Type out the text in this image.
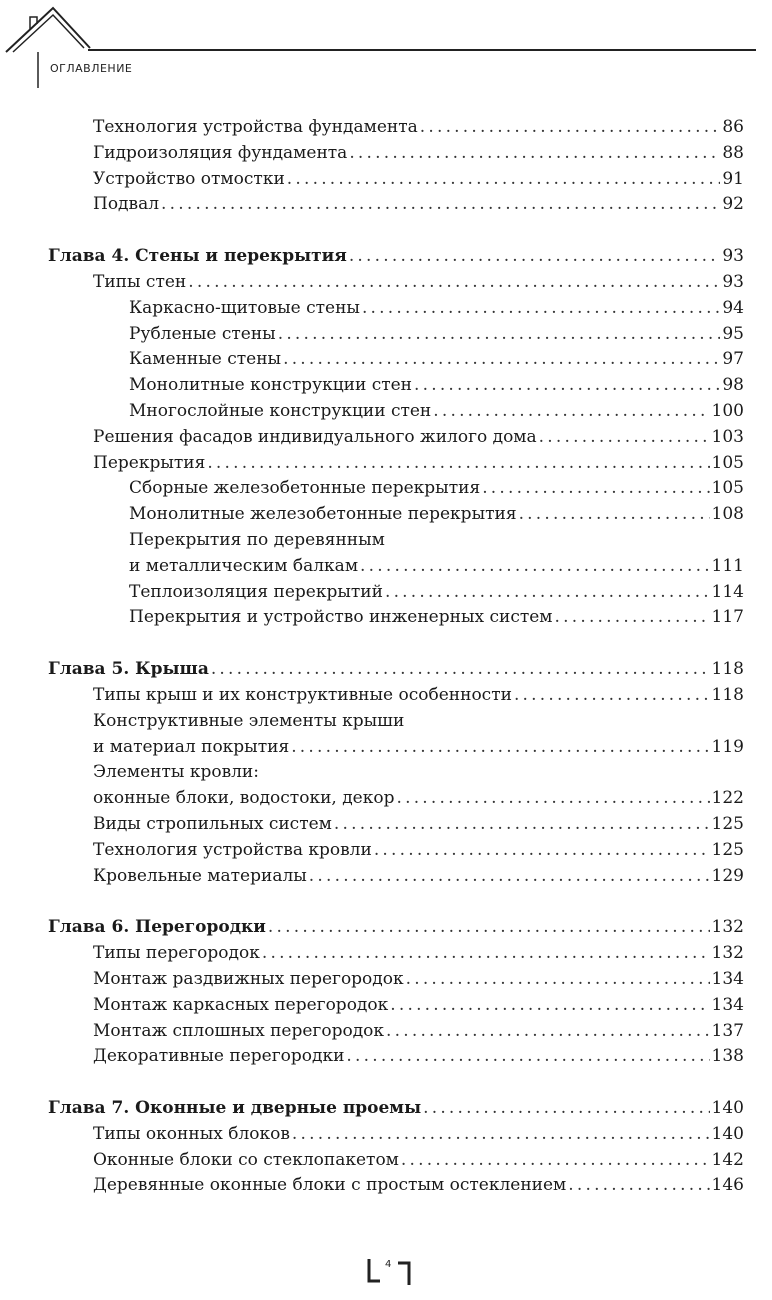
ОГЛАВЛЕНИЕ
Технология устройства фундамента .....	86
Гидроизоляция фундамента .....	88
Устройство отмостки .....	91
Подвал .....	92
Глава 4. Стены и перекрытия .....	93
Типы стен .....	93
Каркасно-щитовые стены .....	94
Рубленые стены .....	95
Каменные стены .....	97
Монолитные конструкции стен .....	98
Многослойные конструкции стен .....	100
Решения фасадов индивидуального жилого дома .....	103
Перекрытия .....	105
Сборные железобетонные перекрытия .....	105
Монолитные железобетонные перекрытия .....	108
Перекрытия по деревянным
и металлическим балкам .....	111
Теплоизоляция перекрытий .....	114
Перекрытия и устройство инженерных систем .....	117
Глава 5. Крыша .....	118
Типы крыш и их конструктивные особенности .....	118
Конструктивные элементы крыши
и материал покрытия .....	119
Элементы кровли:
оконные блоки, водостоки, декор .....	122
Виды стропильных систем .....	125
Технология устройства кровли .....	125
Кровельные материалы .....	129
Глава 6. Перегородки .....	132
Типы перегородок .....	132
Монтаж раздвижных перегородок .....	134
Монтаж каркасных перегородок .....	134
Монтаж сплошных перегородок .....	137
Декоративные перегородки .....	138
Глава 7. Оконные и дверные проемы .....	140
Типы оконных блоков .....	140
Оконные блоки со стеклопакетом .....	142
Деревянные оконные блоки с простым остеклением .....	146
4
